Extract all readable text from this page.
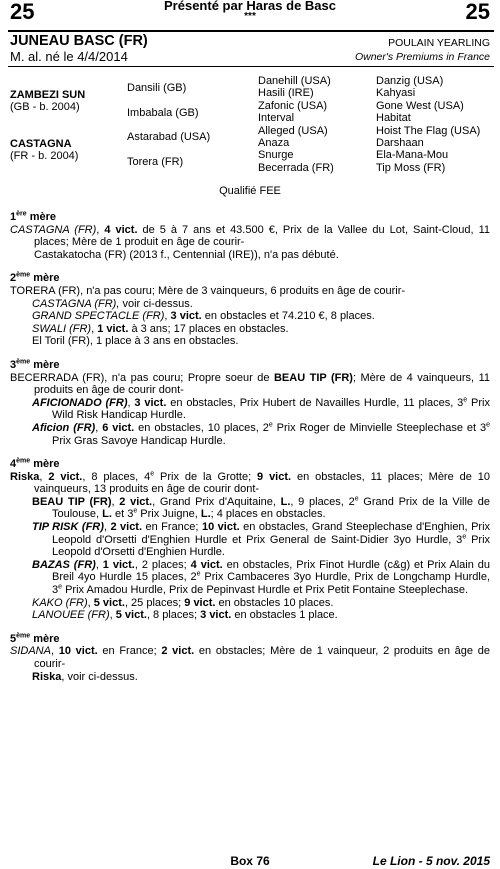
25	25
Présenté par Haras de Basc
***
JUNEAU BASC (FR)
M. al. né le 4/4/2014
POULAIN YEARLING
Owner's Premiums in France
ZAMBEZI SUN
(GB - b. 2004)
CASTAGNA
(FR - b. 2004)
Dansili (GB)
Imbabala (GB)
Astarabad (USA)
Torera (FR)
Danehill (USA)
Hasili (IRE)
Zafonic (USA)
Interval
Alleged (USA)
Anaza
Snurge
Becerrada (FR)
Danzig (USA)
Kahyasi
Gone West (USA)
Habitat
Hoist The Flag (USA)
Darshaan
Ela-Mana-Mou
Tip Moss (FR)
Qualifié FEE
1ère mère

CASTAGNA (FR), 4 vict. de 5 à 7 ans et 43.500 €, Prix de la Vallee du Lot, Saint-Cloud, 11 places; Mère de 1 produit en âge de courir-

Castakatocha (FR) (2013 f., Centennial (IRE)), n'a pas débuté.

2ème mère

TORERA (FR), n'a pas couru; Mère de 3 vainqueurs, 6 produits en âge de courir-

CASTAGNA (FR), voir ci-dessus.

GRAND SPECTACLE (FR), 3 vict. en obstacles et 74.210 €, 8 places.

SWALI (FR), 1 vict. à 3 ans; 17 places en obstacles.

El Toril (FR), 1 place à 3 ans en obstacles.

3ème mère

BECERRADA (FR), n'a pas couru; Propre soeur de BEAU TIP (FR); Mère de 4 vainqueurs, 11 produits en âge de courir dont-

AFICIONADO (FR), 3 vict. en obstacles, Prix Hubert de Navailles Hurdle, 11 places, 3e Prix Wild Risk Handicap Hurdle.

Aficion (FR), 6 vict. en obstacles, 10 places, 2e Prix Roger de Minvielle Steeplechase et 3e Prix Gras Savoye Handicap Hurdle.

4ème mère

Riska, 2 vict., 8 places, 4e Prix de la Grotte; 9 vict. en obstacles, 11 places; Mère de 10 vainqueurs, 13 produits en âge de courir dont-

BEAU TIP (FR), 2 vict., Grand Prix d'Aquitaine, L., 9 places, 2e Grand Prix de la Ville de Toulouse, L. et 3e Prix Juigne, L.; 4 places en obstacles.

TIP RISK (FR), 2 vict. en France; 10 vict. en obstacles, Grand Steeplechase d'Enghien, Prix Leopold d'Orsetti d'Enghien Hurdle et Prix General de Saint-Didier 3yo Hurdle, 3e Prix Leopold d'Orsetti d'Enghien Hurdle.

BAZAS (FR), 1 vict., 2 places; 4 vict. en obstacles, Prix Finot Hurdle (c&g) et Prix Alain du Breil 4yo Hurdle 15 places, 2e Prix Cambaceres 3yo Hurdle, Prix de Longchamp Hurdle, 3e Prix Amadou Hurdle, Prix de Pepinvast Hurdle et Prix Petit Fontaine Steeplechase.

KAKO (FR), 5 vict., 25 places; 9 vict. en obstacles 10 places.

LANOUEE (FR), 5 vict., 8 places; 3 vict. en obstacles 1 place.

5ème mère

SIDANA, 10 vict. en France; 2 vict. en obstacles; Mère de 1 vainqueur, 2 produits en âge de courir-

Riska, voir ci-dessus.

Box 76	Le Lion - 5 nov. 2015
